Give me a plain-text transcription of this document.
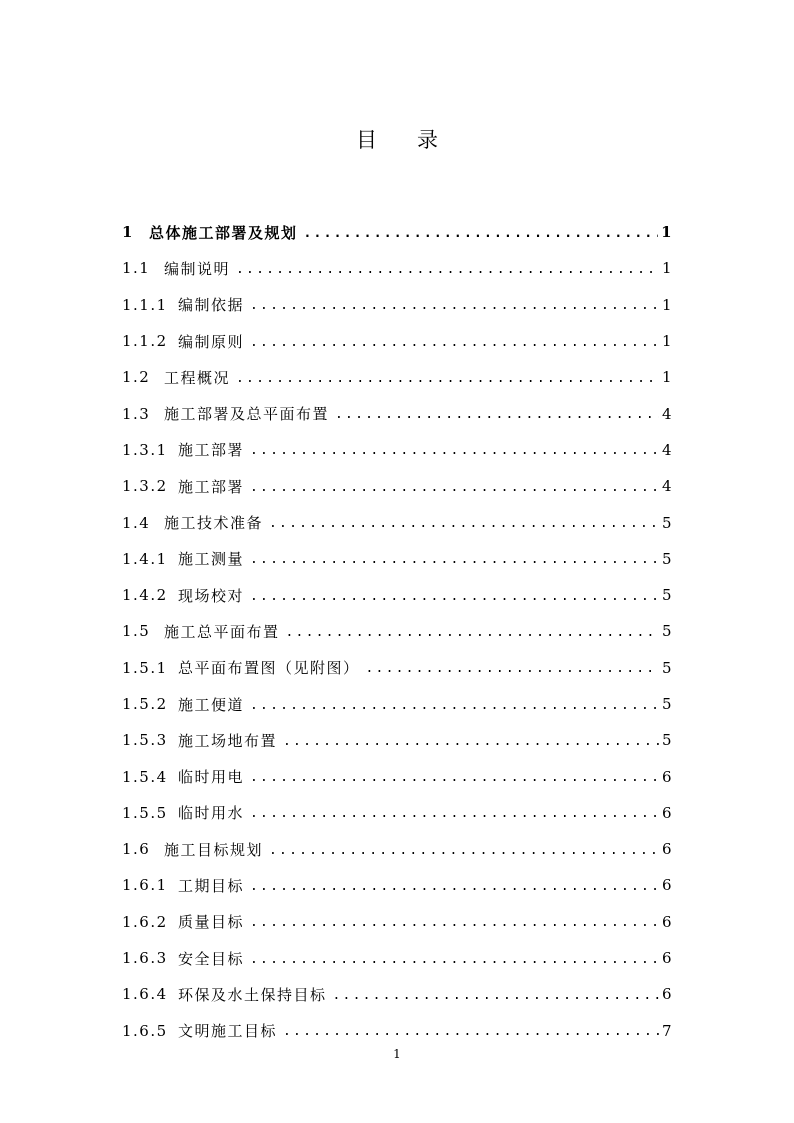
目 录
1	总体施工部署及规划 .....	1
1.1 编制说明 .....	1
1.1.1 编制依据 .....	1
1.1.2 编制原则 .....	1
1.2 工程概况 .....	1
1.3 施工部署及总平面布置 .....	4
1.3.1 施工部署 .....	4
1.3.2 施工部署 .....	4
1.4 施工技术准备 .....	5
1.4.1 施工测量 .....	5
1.4.2 现场校对 .....	5
1.5 施工总平面布置 .....	5
1.5.1 总平面布置图（见附图） .....	5
1.5.2 施工便道 .....	5
1.5.3 施工场地布置 .....	5
1.5.4 临时用电 .....	6
1.5.5 临时用水 .....	6
1.6 施工目标规划 .....	6
1.6.1 工期目标 .....	6
1.6.2 质量目标 .....	6
1.6.3 安全目标 .....	6
1.6.4 环保及水土保持目标 .....	6
1.6.5 文明施工目标 .....	7
1
